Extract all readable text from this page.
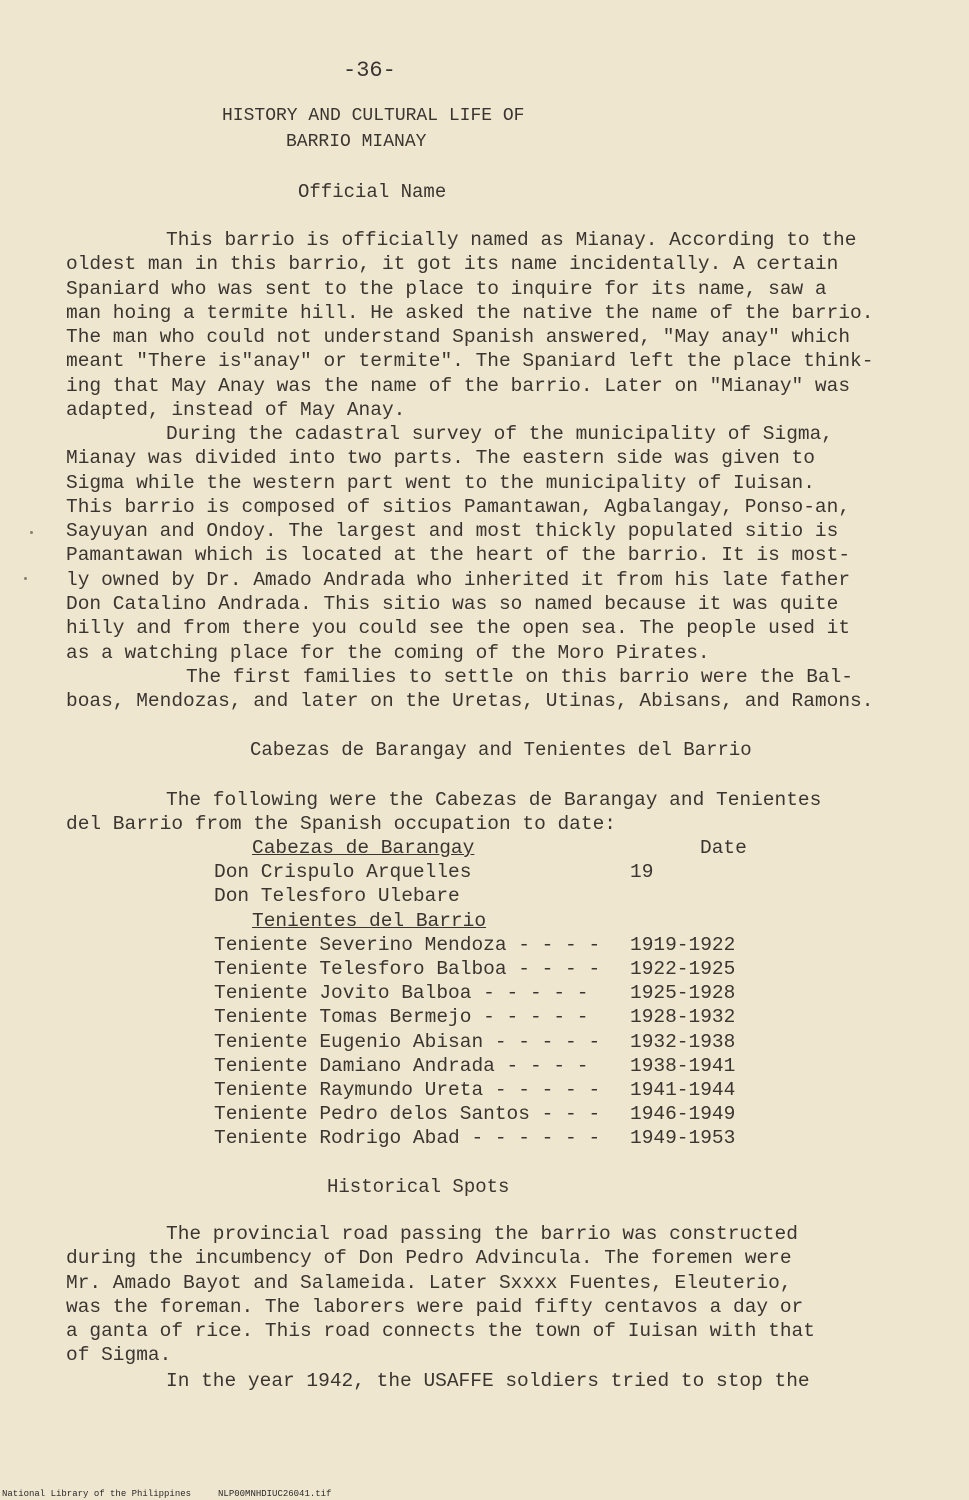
-36-
HISTORY AND CULTURAL LIFE OF
BARRIO MIANAY
Official Name
This barrio is officially named as Mianay. According to the
oldest man in this barrio, it got its name incidentally. A certain
Spaniard who was sent to the place to inquire for its name, saw a
man hoing a termite hill. He asked the native the name of the barrio.
The man who could not understand Spanish answered, "May anay" which
meant "There is"anay" or termite". The Spaniard left the place think-
ing that May Anay was the name of the barrio. Later on "Mianay" was
adapted, instead of May Anay.
During the cadastral survey of the municipality of Sigma,
Mianay was divided into two parts. The eastern side was given to
Sigma while the western part went to the municipality of Iuisan.
This barrio is composed of sitios Pamantawan, Agbalangay, Ponso-an,
Sayuyan and Ondoy. The largest and most thickly populated sitio is
Pamantawan which is located at the heart of the barrio. It is most-
ly owned by Dr. Amado Andrada who inherited it from his late father
Don Catalino Andrada. This sitio was so named because it was quite
hilly and from there you could see the open sea. The people used it
as a watching place for the coming of the Moro Pirates.
The first families to settle on this barrio were the Bal-
boas, Mendozas, and later on the Uretas, Utinas, Abisans, and Ramons.
Cabezas de Barangay and Tenientes del Barrio
The following were the Cabezas de Barangay and Tenientes
del Barrio from the Spanish occupation to date:
Cabezas de Barangay	Date
Don Crispulo Arquelles	19
Don Telesforo Ulebare
Tenientes del Barrio
Teniente Severino Mendoza - - - -	1919-1922
Teniente Telesforo Balboa - - - -	1922-1925
Teniente Jovito Balboa - - - - -	1925-1928
Teniente Tomas Bermejo - - - - -	1928-1932
Teniente Eugenio Abisan - - - - -	1932-1938
Teniente Damiano Andrada - - - -	1938-1941
Teniente Raymundo Ureta - - - - -	1941-1944
Teniente Pedro delos Santos - - -	1946-1949
Teniente Rodrigo Abad - - - - - -	1949-1953
Historical Spots
The provincial road passing the barrio was constructed
during the incumbency of Don Pedro Advincula. The foremen were
Mr. Amado Bayot and Salameida. Later Sxxxx Fuentes, Eleuterio,
was the foreman. The laborers were paid fifty centavos a day or
a ganta of rice. This road connects the town of Iuisan with that
of Sigma.
In the year 1942, the USAFFE soldiers tried to stop the
National Library of the Philippines     NLP00MNHDIUC26041.tif
